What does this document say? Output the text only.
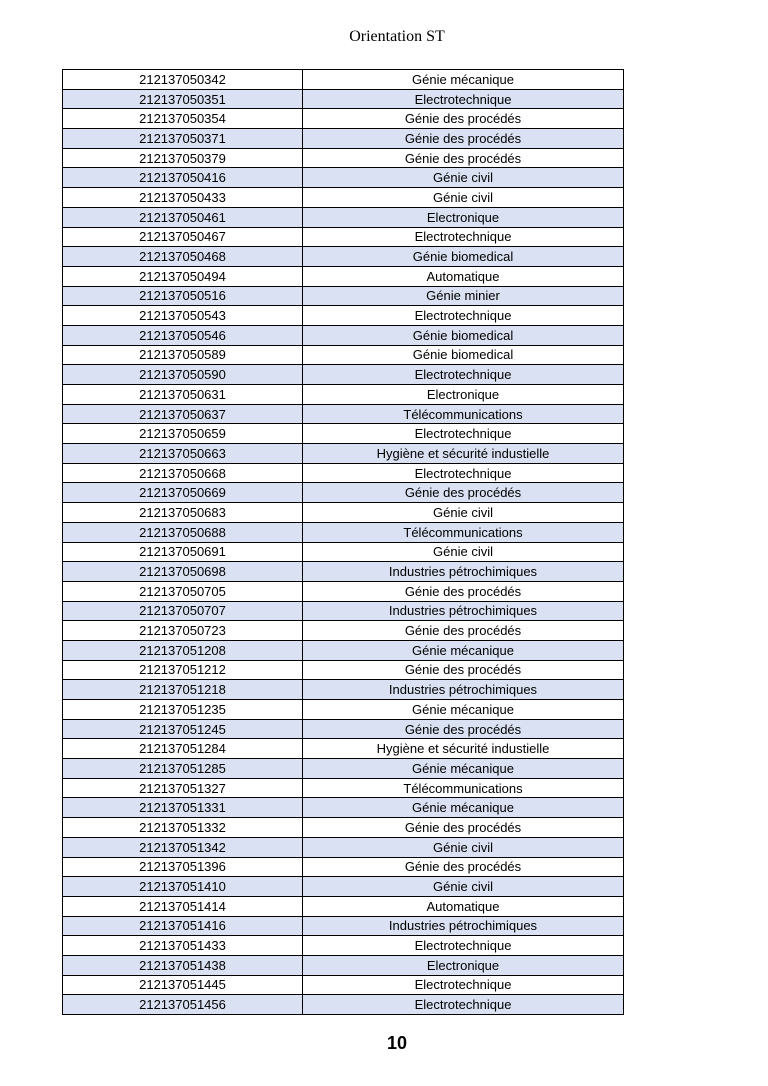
Orientation ST
212137050342	Génie mécanique
212137050351	Electrotechnique
212137050354	Génie des procédés
212137050371	Génie des procédés
212137050379	Génie des procédés
212137050416	Génie civil
212137050433	Génie civil
212137050461	Electronique
212137050467	Electrotechnique
212137050468	Génie biomedical
212137050494	Automatique
212137050516	Génie minier
212137050543	Electrotechnique
212137050546	Génie biomedical
212137050589	Génie biomedical
212137050590	Electrotechnique
212137050631	Electronique
212137050637	Télécommunications
212137050659	Electrotechnique
212137050663	Hygiène et sécurité industielle
212137050668	Electrotechnique
212137050669	Génie des procédés
212137050683	Génie civil
212137050688	Télécommunications
212137050691	Génie civil
212137050698	Industries pétrochimiques
212137050705	Génie des procédés
212137050707	Industries pétrochimiques
212137050723	Génie des procédés
212137051208	Génie mécanique
212137051212	Génie des procédés
212137051218	Industries pétrochimiques
212137051235	Génie mécanique
212137051245	Génie des procédés
212137051284	Hygiène et sécurité industielle
212137051285	Génie mécanique
212137051327	Télécommunications
212137051331	Génie mécanique
212137051332	Génie des procédés
212137051342	Génie civil
212137051396	Génie des procédés
212137051410	Génie civil
212137051414	Automatique
212137051416	Industries pétrochimiques
212137051433	Electrotechnique
212137051438	Electronique
212137051445	Electrotechnique
212137051456	Electrotechnique
10
